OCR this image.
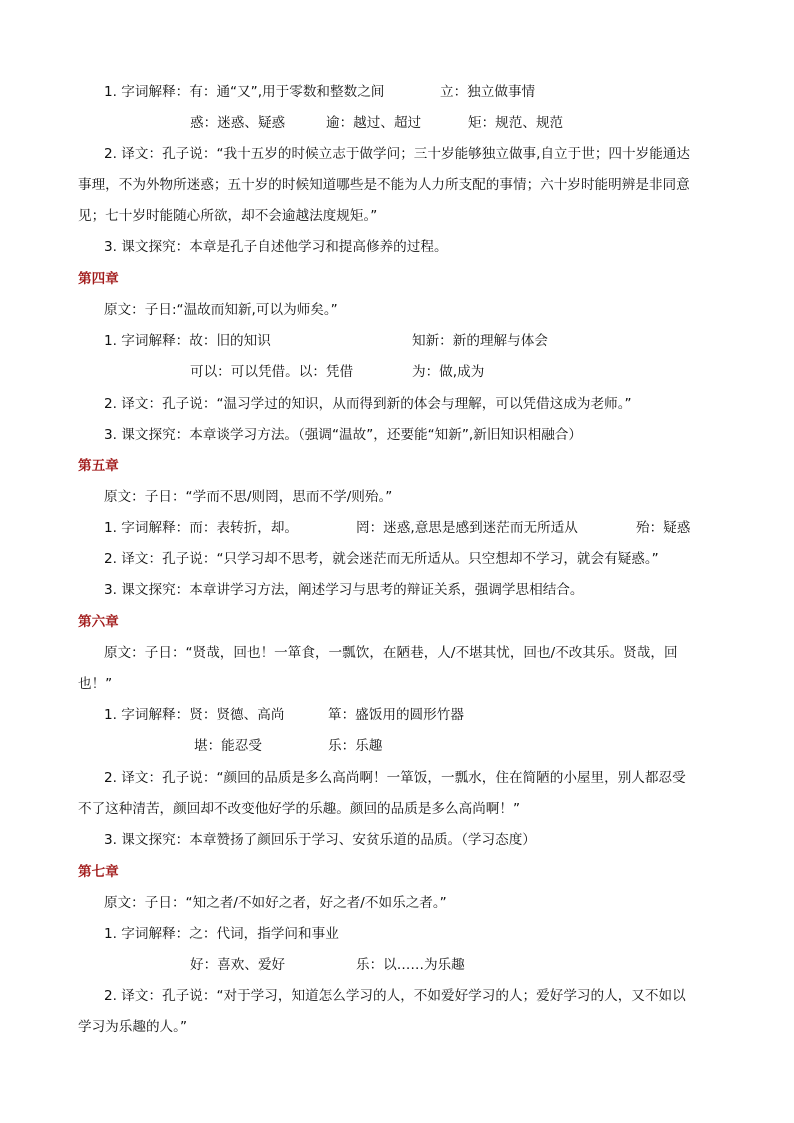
1. 字词解释：有：通“又”,用于零数和整数之间	立：独立做事情
惑：迷惑、疑惑	逾：越过、超过	矩：规范、规范
2. 译文：孔子说：“我十五岁的时候立志于做学问；三十岁能够独立做事,自立于世；四十岁能通达
事理，不为外物所迷惑；五十岁的时候知道哪些是不能为人力所支配的事情；六十岁时能明辨是非同意
见；七十岁时能随心所欲，却不会逾越法度规矩。”
3. 课文探究：本章是孔子自述他学习和提高修养的过程。
第四章
原文：子日:“温故而知新,可以为师矣。”
1. 字词解释：故：旧的知识	知新：新的理解与体会
可以：可以凭借。以：凭借	为：做,成为
2. 译文：孔子说：“温习学过的知识，从而得到新的体会与理解，可以凭借这成为老师。”
3. 课文探究：本章谈学习方法。（强调“温故”，还要能“知新”,新旧知识相融合）
第五章
原文：子日：“学而不思/则罔，思而不学/则殆。”
1. 字词解释：而：表转折，却。	罔：迷惑,意思是感到迷茫而无所适从	殆：疑惑
2. 译文：孔子说：“只学习却不思考，就会迷茫而无所适从。只空想却不学习，就会有疑惑。”
3. 课文探究：本章讲学习方法，阐述学习与思考的辩证关系，强调学思相结合。
第六章
原文：子日：“贤哉，回也！一箪食，一瓢饮，在陋巷，人/不堪其忧，回也/不改其乐。贤哉，回
也！”
1. 字词解释：贤：贤德、高尚	箪：盛饭用的圆形竹器
堪：能忍受	乐：乐趣
2. 译文：孔子说：“颜回的品质是多么高尚啊！一箪饭，一瓢水，住在简陋的小屋里，别人都忍受
不了这种清苦，颜回却不改变他好学的乐趣。颜回的品质是多么高尚啊！”
3. 课文探究：本章赞扬了颜回乐于学习、安贫乐道的品质。（学习态度）
第七章
原文：子日：“知之者/不如好之者，好之者/不如乐之者。”
1. 字词解释：之：代词，指学问和事业
好：喜欢、爱好	乐：以……为乐趣
2. 译文：孔子说：“对于学习，知道怎么学习的人，不如爱好学习的人；爱好学习的人，又不如以
学习为乐趣的人。”
